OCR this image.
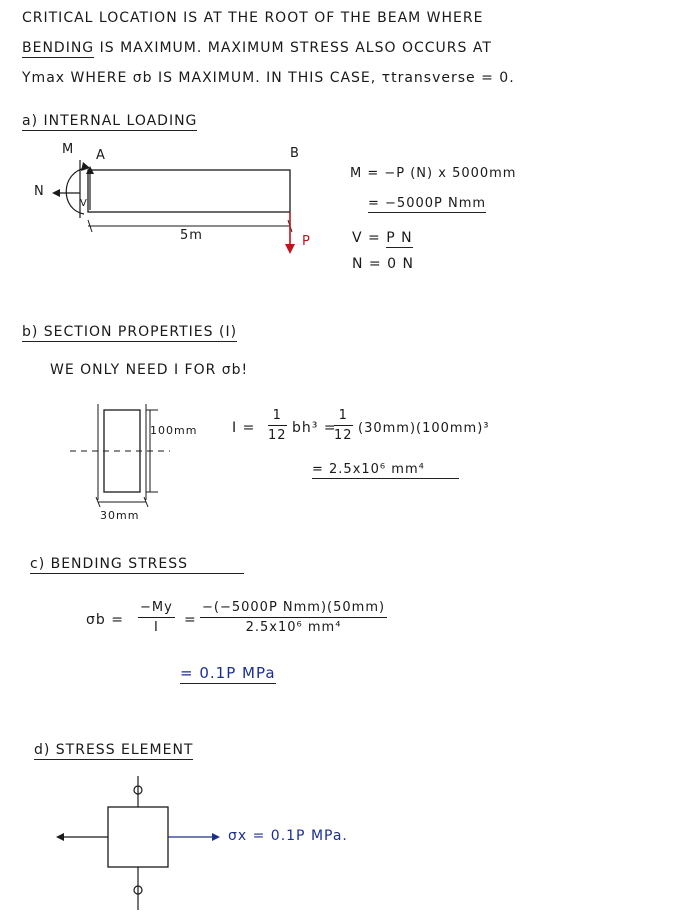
CRITICAL LOCATION IS AT THE ROOT OF THE BEAM WHERE
BENDING IS MAXIMUM. MAXIMUM STRESS ALSO OCCURS AT
Ymax WHERE σb IS MAXIMUM. IN THIS CASE, τtransverse = 0.
a) INTERNAL LOADING
M A	B
N
V
P
5m
M = −P (N) x 5000mm
= −5000P Nmm
V = P N
N = 0 N
b) SECTION PROPERTIES (I)
WE ONLY NEED I FOR σb!
100mm
30mm
$I = \frac{1}{12} bh^3$ =
$\frac{1}{12} (30mm)(100mm)^3$
= 2.5x10⁶ mm⁴
c) BENDING STRESS
$\sigma b = \frac{-My}{I}$ =
−(−5000P Nmm)(50mm)
2.5x10⁶ mm⁴
= 0.1P MPa
d) STRESS ELEMENT
σx = 0.1P MPa.
